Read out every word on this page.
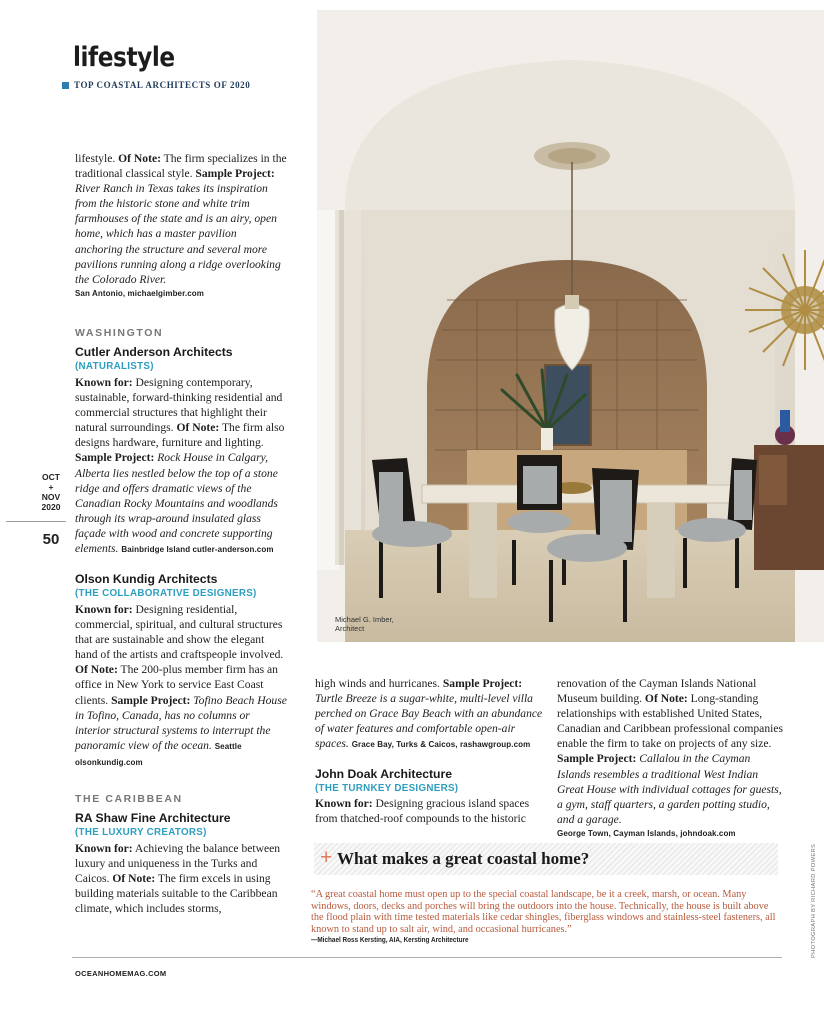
lifestyle
TOP COASTAL ARCHITECTS OF 2020

lifestyle. Of Note: The firm specializes in the traditional classical style. Sample Project: River Ranch in Texas takes its inspiration from the historic stone and white trim farmhouses of the state and is an airy, open home, which has a master pavilion anchoring the structure and several more pavilions running along a ridge overlooking the Colorado River.

San Antonio, michaelgimber.com
WASHINGTON
Cutler Anderson Architects
(NATURALISTS)

Known for: Designing contemporary, sustainable, forward-thinking residential and commercial structures that highlight their natural surroundings. Of Note: The firm also designs hardware, furniture and lighting. Sample Project: Rock House in Calgary, Alberta lies nestled below the top of a stone ridge and offers dramatic views of the Canadian Rocky Mountains and woodlands through its wrap-around insulated glass façade with wood and concrete supporting elements. Bainbridge Island cutler-anderson.com

Olson Kundig Architects
(THE COLLABORATIVE DESIGNERS)

Known for: Designing residential, commercial, spiritual, and cultural structures that are sustainable and show the elegant hand of the artists and craftspeople involved. Of Note: The 200-plus member firm has an office in New York to service East Coast clients. Sample Project: Tofino Beach House in Tofino, Canada, has no columns or interior structural systems to interrupt the panoramic view of the ocean. Seattle olsonkundig.com

THE CARIBBEAN
RA Shaw Fine Architecture
(THE LUXURY CREATORS)

Known for: Achieving the balance between luxury and uniqueness in the Turks and Caicos. Of Note: The firm excels in using building materials suitable to the Caribbean climate, which includes storms,

OCT
+
NOV
2020
50
Michael G. Imber,
Architect

high winds and hurricanes. Sample Project: Turtle Breeze is a sugar-white, multi-level villa perched on Grace Bay Beach with an abundance of water features and comfortable open-air spaces. Grace Bay, Turks & Caicos, rashawgroup.com

John Doak Architecture
(THE TURNKEY DESIGNERS)

Known for: Designing gracious island spaces from thatched-roof compounds to the historic

renovation of the Cayman Islands National Museum building. Of Note: Long-standing relationships with established United States, Canadian and Caribbean professional companies enable the firm to take on projects of any size. Sample Project: Callalou in the Cayman Islands resembles a traditional West Indian Great House with individual cottages for guests, a gym, staff quarters, a garden potting studio, and a garage.

George Town, Cayman Islands, johndoak.com
+ What makes a great coastal home?
“A great coastal home must open up to the special coastal landscape, be it a creek, marsh, or ocean. Many windows, doors, decks and porches will bring the outdoors into the house. Technically, the house is built above the flood plain with time tested materials like cedar shingles, fiberglass windows and stainless-steel fasteners, all known to stand up to salt air, wind, and occasional hurricanes.”
—Michael Ross Kersting, AIA, Kersting Architecture
OCEANHOMEMAG.COM
PHOTOGRAPH BY RICHARD POWERS
